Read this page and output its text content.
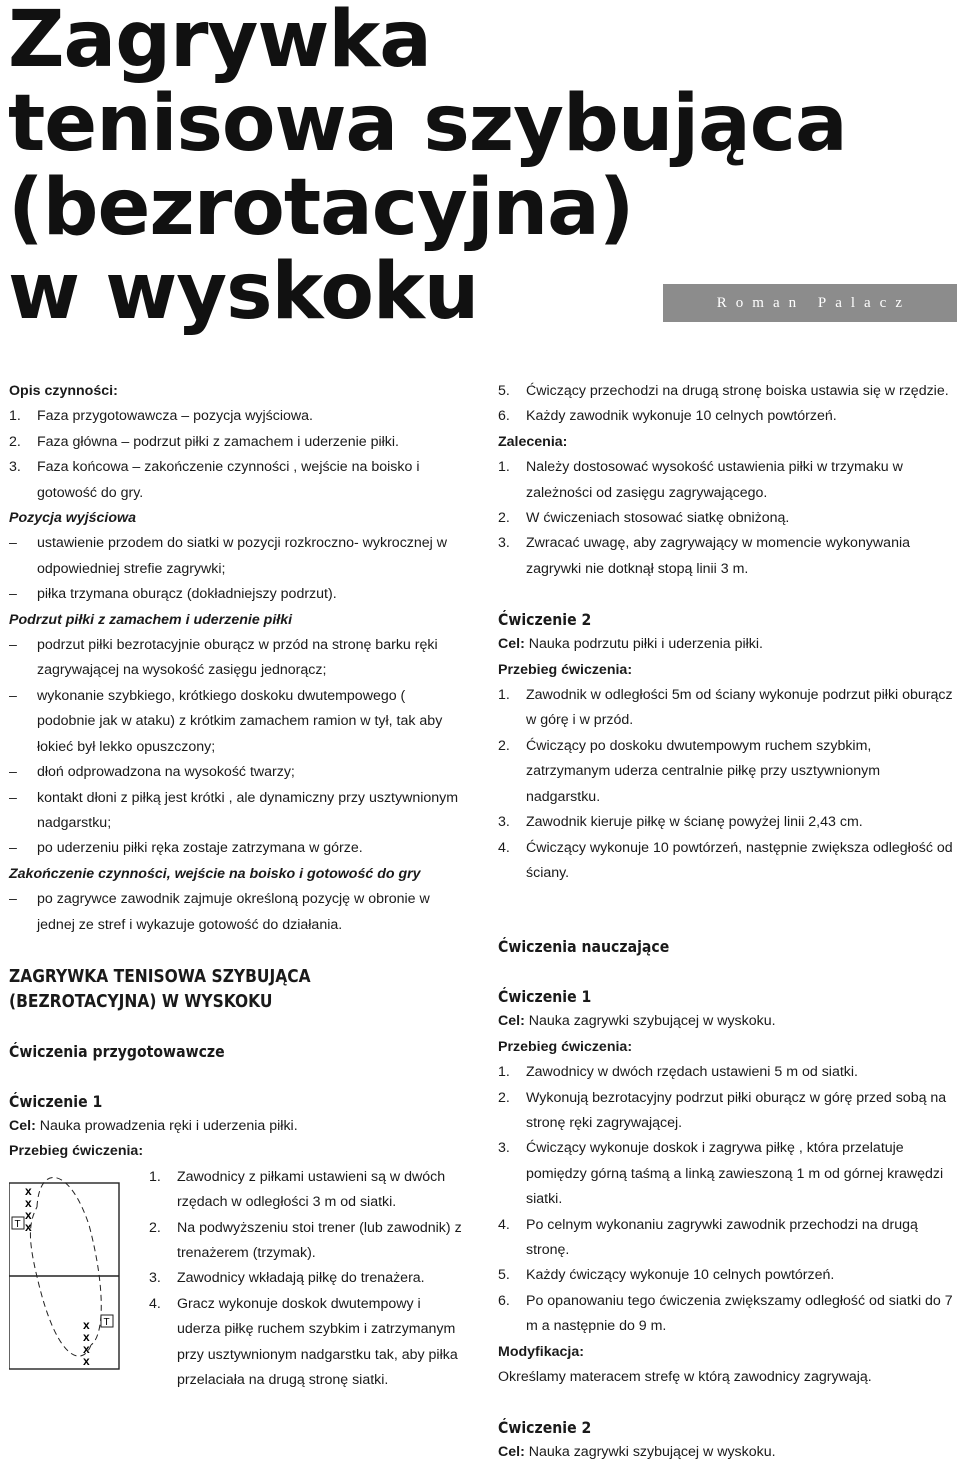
Zagrywka
tenisowa szybująca
(bezrotacyjna)
w wyskoku	Roman Palacz

Opis czynności:

1. Faza przygotowawcza – pozycja wyjściowa.

2. Faza główna – podrzut piłki z zamachem i uderzenie piłki.

3. Faza końcowa – zakończenie czynności , wejście na boisko i gotowość do gry.

Pozycja wyjściowa

– ustawienie przodem do siatki w pozycji rozkroczno- wykrocznej w odpowiedniej strefie zagrywki;

– piłka trzymana oburącz (dokładniejszy podrzut).

Podrzut piłki z zamachem i uderzenie piłki

– podrzut piłki bezrotacyjnie oburącz w przód na stronę barku ręki zagrywającej na wysokość zasięgu jednorącz;

– wykonanie szybkiego, krótkiego doskoku dwutempowego ( podobnie jak w ataku) z krótkim zamachem ramion w tył, tak aby łokieć był lekko opuszczony;

– dłoń odprowadzona na wysokość twarzy;

– kontakt dłoni z piłką jest krótki , ale dynamiczny przy usztywnionym nadgarstku;

– po uderzeniu piłki ręka zostaje zatrzymana w górze.

Zakończenie czynności, wejście na boisko i gotowość do gry

– po zagrywce zawodnik zajmuje określoną pozycję w obronie w jednej ze stref i wykazuje gotowość do działania.

ZAGRYWKA TENISOWA SZYBUJĄCA

(BEZROTACYJNA) W WYSKOKU

Ćwiczenia przygotowawcze

Ćwiczenie 1

Cel: Nauka prowadzenia ręki i uderzenia piłki.

Przebieg ćwiczenia:

T
T
x
x
x
x
x
x
x
x

1. Zawodnicy z piłkami ustawieni są w dwóch rzędach w odległości 3 m od siatki.

2. Na podwyższeniu stoi trener (lub zawodnik) z trenażerem (trzymak).

3. Zawodnicy wkładają piłkę do trenażera.

4. Gracz wykonuje doskok dwutempowy i uderza piłkę ruchem szybkim i zatrzymanym przy usztywnionym nadgarstku tak, aby piłka przelaciała na drugą stronę siatki.

5. Ćwiczący przechodzi na drugą stronę boiska ustawia się w rzędzie.

6. Każdy zawodnik wykonuje 10 celnych powtórzeń.

Zalecenia:

1. Należy dostosować wysokość ustawienia piłki w trzymaku w zależności od zasięgu zagrywającego.

2. W ćwiczeniach stosować siatkę obniżoną.

3. Zwracać uwagę, aby zagrywający w momencie wykonywania zagrywki nie dotknął stopą linii 3 m.

Ćwiczenie 2

Cel: Nauka podrzutu piłki i uderzenia piłki.

Przebieg ćwiczenia:

1. Zawodnik w odległości 5m od ściany wykonuje podrzut piłki oburącz w górę i w przód.

2. Ćwiczący po doskoku dwutempowym ruchem szybkim, zatrzymanym uderza centralnie piłkę przy usztywnionym nadgarstku.

3. Zawodnik kieruje piłkę w ścianę powyżej linii 2,43 cm.

4. Ćwiczący wykonuje 10 powtórzeń, następnie zwiększa odległość od ściany.

Ćwiczenia nauczające

Ćwiczenie 1

Cel: Nauka zagrywki szybującej w wyskoku.

Przebieg ćwiczenia:

1. Zawodnicy w dwóch rzędach ustawieni 5 m od siatki.

2. Wykonują bezrotacyjny podrzut piłki oburącz w górę przed sobą na stronę ręki zagrywającej.

3. Ćwiczący wykonuje doskok i zagrywa piłkę , która przelatuje pomiędzy górną taśmą a linką zawieszoną 1 m od górnej krawędzi siatki.

4. Po celnym wykonaniu zagrywki zawodnik przechodzi na drugą stronę.

5. Każdy ćwiczący wykonuje 10 celnych powtórzeń.

6. Po opanowaniu tego ćwiczenia zwiększamy odległość od siatki do 7 m a następnie do 9 m.

Modyfikacja:

Określamy materacem strefę w którą zawodnicy zagrywają.

Ćwiczenie 2

Cel: Nauka zagrywki szybującej w wyskoku.
